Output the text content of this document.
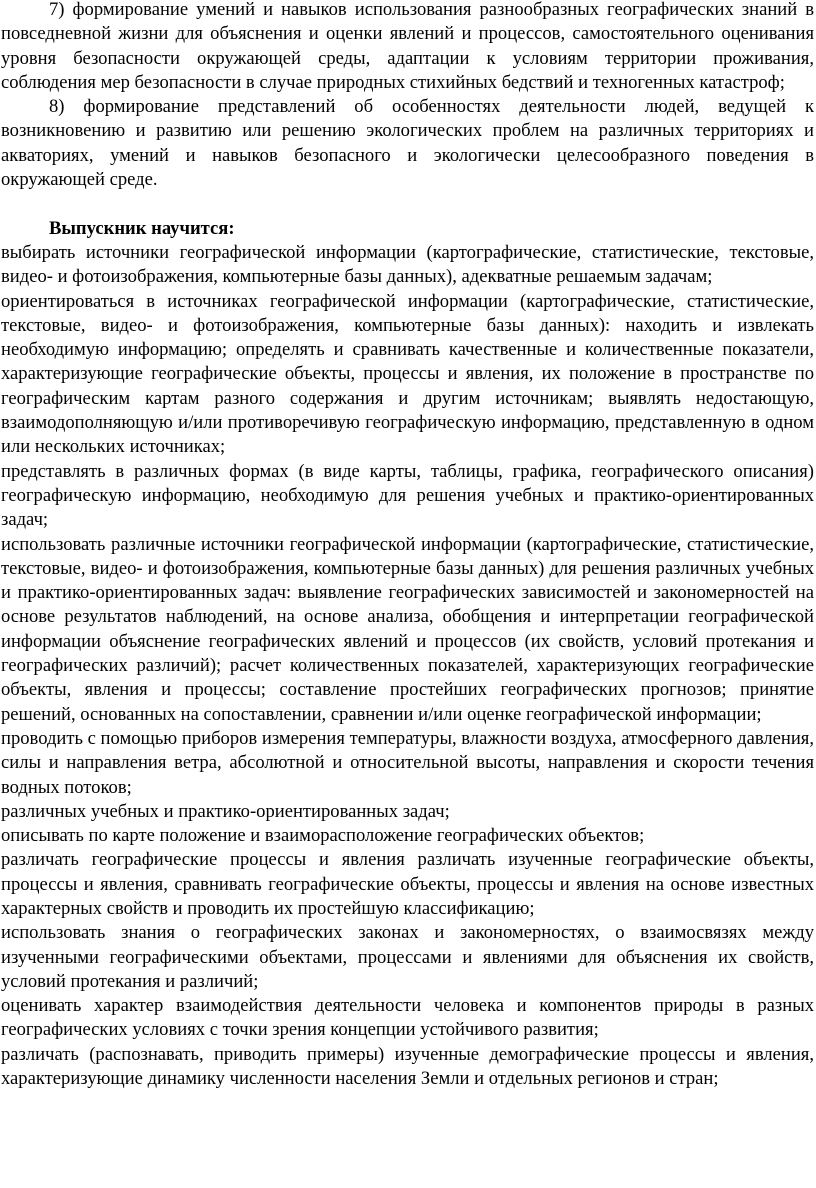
7) формирование умений и навыков использования разнообразных географических знаний в повседневной жизни для объяснения и оценки явлений и процессов, самостоятельного оценивания уровня безопасности окружающей среды, адаптации к условиям территории проживания, соблюдения мер безопасности в случае природных стихийных бедствий и техногенных катастроф;

8) формирование представлений об особенностях деятельности людей, ведущей к возникновению и развитию или решению экологических проблем на различных территориях и акваториях, умений и навыков безопасного и экологически целесообразного поведения в окружающей среде.

Выпускник научится:

выбирать источники географической информации (картографические, статистические, текстовые, видео- и фотоизображения, компьютерные базы данных), адекватные решаемым задачам;

ориентироваться в источниках географической информации (картографические, статистические, текстовые, видео- и фотоизображения, компьютерные базы данных): находить и извлекать необходимую информацию; определять и сравнивать качественные и количественные показатели, характеризующие географические объекты, процессы и явления, их положение в пространстве по географическим картам разного содержания и другим источникам; выявлять недостающую, взаимодополняющую и/или противоречивую географическую информацию, представленную в одном или нескольких источниках;

представлять в различных формах (в виде карты, таблицы, графика, географического описания) географическую информацию, необходимую для решения учебных и практико-ориентированных задач;

использовать различные источники географической информации (картографические, статистические, текстовые, видео- и фотоизображения, компьютерные базы данных) для решения различных учебных и практико-ориентированных задач: выявление географических зависимостей и закономерностей на основе результатов наблюдений, на основе анализа, обобщения и интерпретации географической информации объяснение географических явлений и процессов (их свойств, условий протекания и географических различий); расчет количественных показателей, характеризующих географические объекты, явления и процессы; составление простейших географических прогнозов; принятие решений, основанных на сопоставлении, сравнении и/или оценке географической информации;

проводить с помощью приборов измерения температуры, влажности воздуха, атмосферного давления, силы и направления ветра, абсолютной и относительной высоты, направления и скорости течения водных потоков;

различных учебных и практико-ориентированных задач;

описывать по карте положение и взаиморасположение географических объектов;

различать географические процессы и явления различать изученные географические объекты, процессы и явления, сравнивать географические объекты, процессы и явления на основе известных характерных свойств и проводить их простейшую классификацию;

использовать знания о географических законах и закономерностях, о взаимосвязях между изученными географическими объектами, процессами и явлениями для объяснения их свойств, условий протекания и различий;

оценивать характер взаимодействия деятельности человека и компонентов природы в разных географических условиях с точки зрения концепции устойчивого развития;

различать (распознавать, приводить примеры) изученные демографические процессы и явления, характеризующие динамику численности населения Земли и отдельных регионов и стран;
